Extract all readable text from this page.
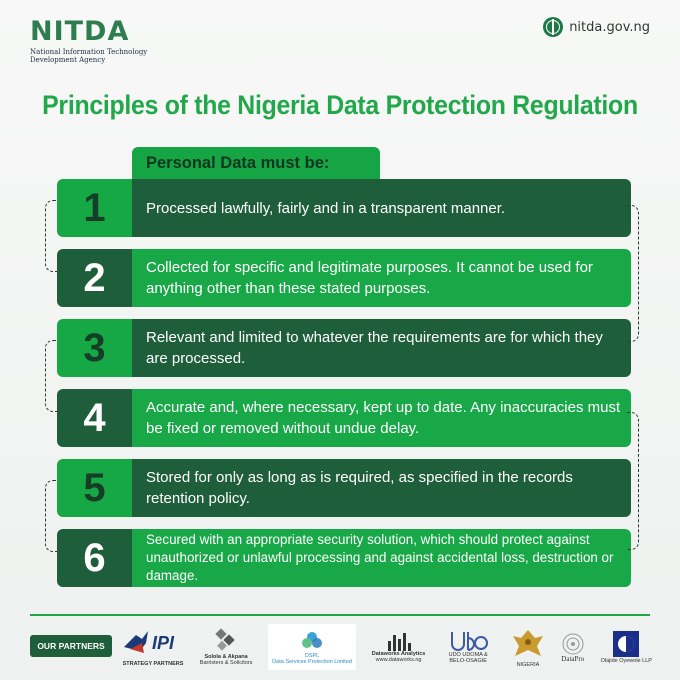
NITDA
National Information Technology
Development Agency
nitda.gov.ng
Principles of the Nigeria Data Protection Regulation
Personal Data must be:
1	Processed lawfully, fairly and in a transparent manner.
2	Collected for specific and legitimate purposes. It cannot be used for anything other than these stated purposes.
3	Relevant and limited to whatever the requirements are for which they are processed.
4	Accurate and, where necessary, kept up to date. Any inaccuracies must be fixed or removed without undue delay.
5	Stored for only as long as is required, as specified in the records retention policy.
6	Secured with an appropriate security solution, which should protect against unauthorized or unlawful processing and against accidental loss, destruction or damage.
OUR PARTNERS	IPI
STRATEGY PARTNERS
Solola & Akpana
Barristers & Solicitors
DSPL
Data Services Protection Limited
Dataworks Analytics
www.dataworks.ng
UDO UDOMA & BELO-OSAGIE
NIGERIA
DataPro	Olajide Oyewole LLP
